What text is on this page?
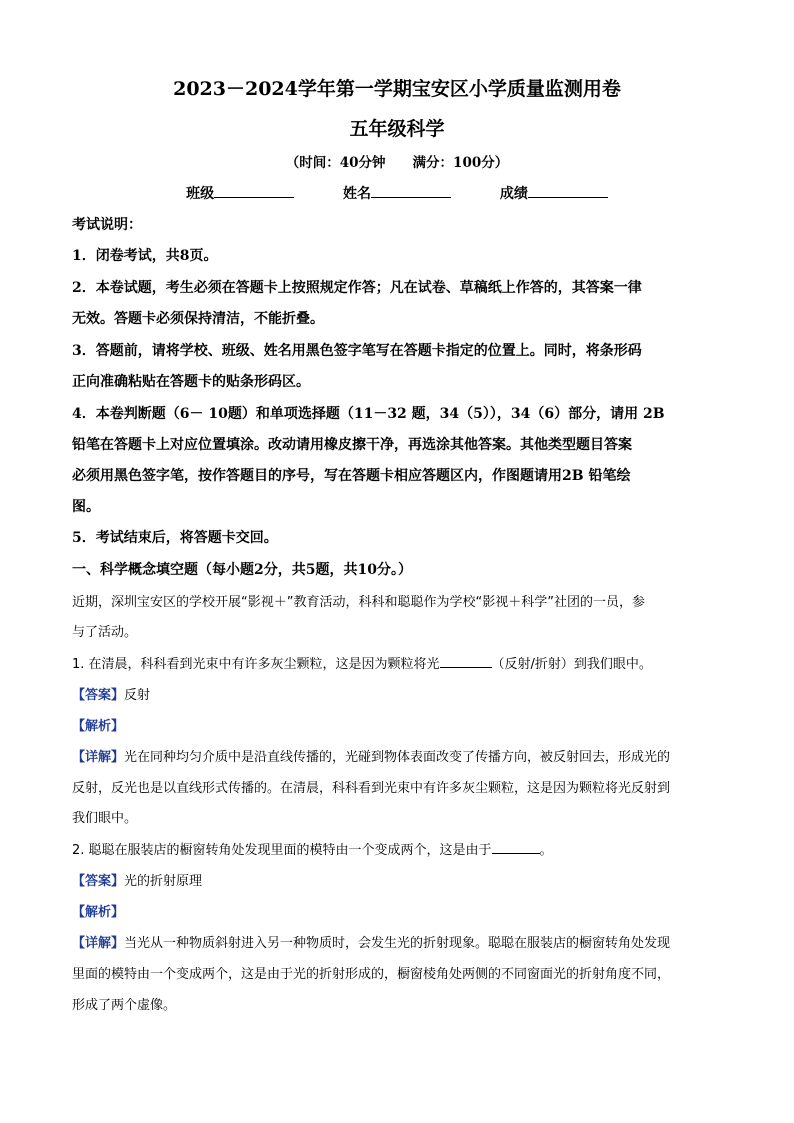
2023－2024学年第一学期宝安区小学质量监测用卷
五年级科学
（时间：40分钟　　满分：100分）
班级	姓名	成绩
考试说明：
1．闭卷考试，共8页。
2．本卷试题，考生必须在答题卡上按照规定作答；凡在试卷、草稿纸上作答的，其答案一律
无效。答题卡必须保持清洁，不能折叠。
3．答题前，请将学校、班级、姓名用黑色签字笔写在答题卡指定的位置上。同时，将条形码
正向准确粘贴在答题卡的贴条形码区。
4．本卷判断题（6－ 10题）和单项选择题（11－32 题，34（5）），34（6）部分，请用 2B
铅笔在答题卡上对应位置填涂。改动请用橡皮擦干净，再选涂其他答案。其他类型题目答案
必须用黑色签字笔，按作答题目的序号，写在答题卡相应答题区内，作图题请用2B 铅笔绘
图。
5．考试结束后，将答题卡交回。
一、科学概念填空题（每小题2分，共5题，共10分。）
近期，深圳宝安区的学校开展“影视＋”教育活动，科科和聪聪作为学校“影视＋科学”社团的一员，参
与了活动。
1. 在清晨，科科看到光束中有许多灰尘颗粒，这是因为颗粒将光	（反射/折射）到我们眼中。
【答案】反射
【解析】
【详解】光在同种均匀介质中是沿直线传播的，光碰到物体表面改变了传播方向，被反射回去，形成光的
反射，反光也是以直线形式传播的。在清晨，科科看到光束中有许多灰尘颗粒，这是因为颗粒将光反射到
我们眼中。
2. 聪聪在服装店的橱窗转角处发现里面的模特由一个变成两个，这是由于	。
【答案】光的折射原理
【解析】
【详解】当光从一种物质斜射进入另一种物质时，会发生光的折射现象。聪聪在服装店的橱窗转角处发现
里面的模特由一个变成两个，这是由于光的折射形成的，橱窗棱角处两侧的不同窗面光的折射角度不同，
形成了两个虚像。
